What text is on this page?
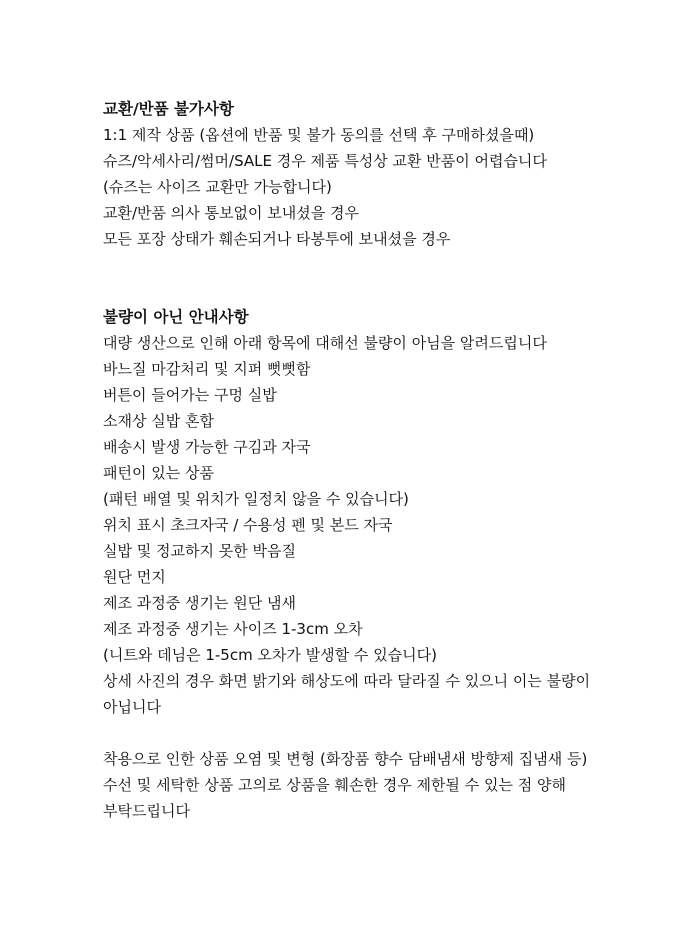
교환/반품 불가사항

1:1 제작 상품 (옵션에 반품 및 불가 동의를 선택 후 구매하셨을때)

슈즈/악세사리/썸머/SALE 경우 제품 특성상 교환 반품이 어렵습니다

(슈즈는 사이즈 교환만 가능합니다)

교환/반품 의사 통보없이 보내셨을 경우

모든 포장 상태가 훼손되거나 타봉투에 보내셨을 경우

불량이 아닌 안내사항

대량 생산으로 인해 아래 항목에 대해선 불량이 아님을 알려드립니다

바느질 마감처리 및 지퍼 뻣뻣함

버튼이 들어가는 구멍 실밥

소재상 실밥 혼합

배송시 발생 가능한 구김과 자국

패턴이 있는 상품

(패턴 배열 및 위치가 일정치 않을 수 있습니다)

위치 표시 초크자국 / 수용성 펜 및 본드 자국

실밥 및 정교하지 못한 박음질

원단 먼지

제조 과정중 생기는 원단 냄새

제조 과정중 생기는 사이즈 1-3cm 오차

(니트와 데님은 1-5cm 오차가 발생할 수 있습니다)

상세 사진의 경우 화면 밝기와 해상도에 따라 달라질 수 있으니 이는 불량이 아닙니다

착용으로 인한 상품 오염 및 변형 (화장품 향수 담배냄새 방향제 집냄새 등)

수선 및 세탁한 상품 고의로 상품을 훼손한 경우 제한될 수 있는 점 양해 부탁드립니다
